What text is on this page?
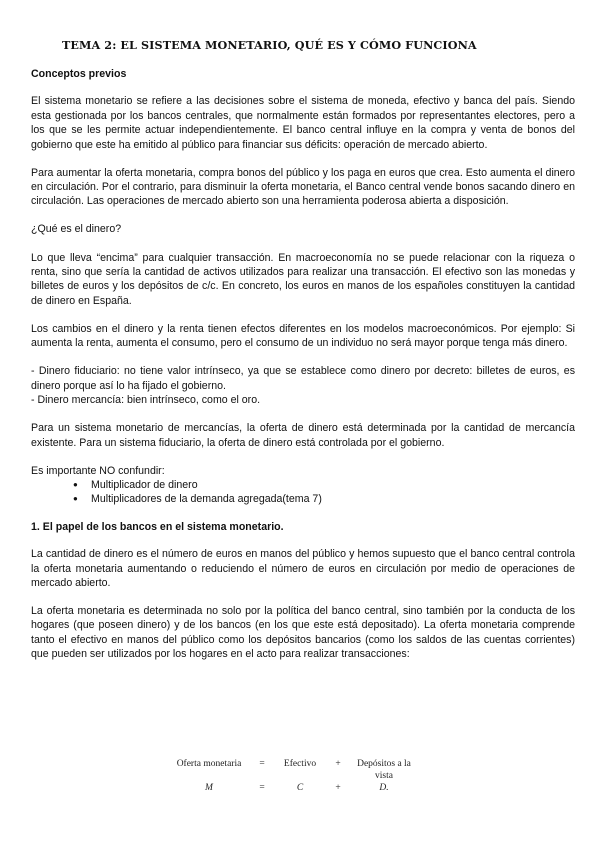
TEMA 2: EL SISTEMA MONETARIO, QUÉ ES Y CÓMO FUNCIONA

Conceptos previos

El sistema monetario se refiere a las decisiones sobre el sistema de moneda, efectivo y banca del país. Siendo esta gestionada por los bancos centrales, que normalmente están formados por representantes electores, pero a los que se les permite actuar independientemente. El banco central influye en la compra y venta de bonos del gobierno que este ha emitido al público para financiar sus déficits: operación de mercado abierto.

Para aumentar la oferta monetaria, compra bonos del público y los paga en euros que crea. Esto aumenta el dinero en circulación. Por el contrario, para disminuir la oferta monetaria, el Banco central vende bonos sacando dinero en circulación. Las operaciones de mercado abierto son una herramienta poderosa abierta a disposición.

¿Qué es el dinero?

Lo que lleva “encima” para cualquier transacción. En macroeconomía no se puede relacionar con la riqueza o renta, sino que sería la cantidad de activos utilizados para realizar una transacción. El efectivo son las monedas y billetes de euros y los depósitos de c/c. En concreto, los euros en manos de los españoles constituyen la cantidad de dinero en España.

Los cambios en el dinero y la renta tienen efectos diferentes en los modelos macroeconómicos. Por ejemplo: Si aumenta la renta, aumenta el consumo, pero el consumo de un individuo no será mayor porque tenga más dinero.

- Dinero fiduciario: no tiene valor intrínseco, ya que se establece como dinero por decreto: billetes de euros, es dinero porque así lo ha fijado el gobierno.

- Dinero mercancía: bien intrínseco, como el oro.

Para un sistema monetario de mercancías, la oferta de dinero está determinada por la cantidad de mercancía existente. Para un sistema fiduciario, la oferta de dinero está controlada por el gobierno.

Es importante NO confundir:

● Multiplicador de dinero
● Multiplicadores de la demanda agregada(tema 7)

1. El papel de los bancos en el sistema monetario.

La cantidad de dinero es el número de euros en manos del público y hemos supuesto que el banco central controla la oferta monetaria aumentando o reduciendo el número de euros en circulación por medio de operaciones de mercado abierto.

La oferta monetaria es determinada no solo por la política del banco central, sino también por la conducta de los hogares (que poseen dinero) y de los bancos (en los que este está depositado). La oferta monetaria comprende tanto el efectivo en manos del público como los depósitos bancarios (como los saldos de las cuentas corrientes) que pueden ser utilizados por los hogares en el acto para realizar transacciones:

Oferta monetaria	=	Efectivo	+	Depósitos a la vista
M	=	C	+	D.
